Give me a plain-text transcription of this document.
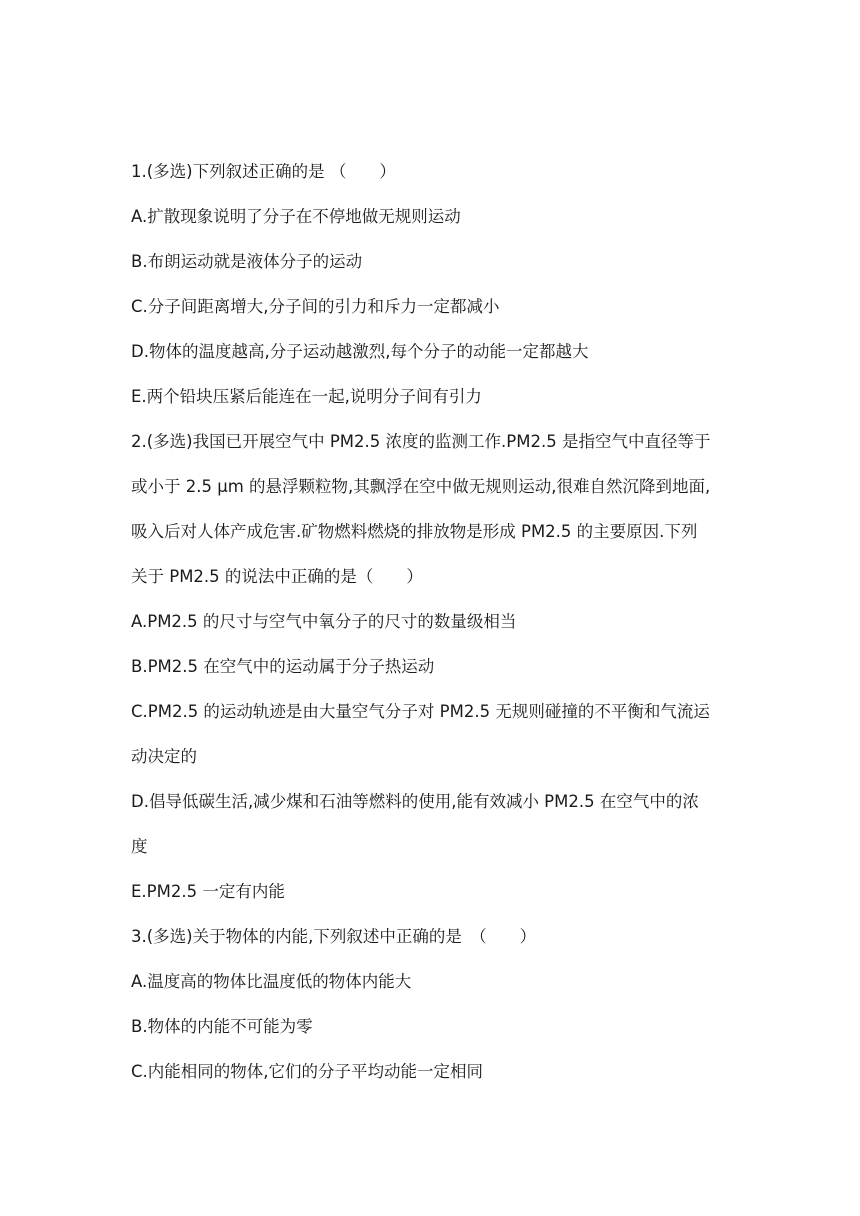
1.(多选)下列叙述正确的是 （　　）
A.扩散现象说明了分子在不停地做无规则运动
B.布朗运动就是液体分子的运动
C.分子间距离增大,分子间的引力和斥力一定都减小
D.物体的温度越高,分子运动越激烈,每个分子的动能一定都越大
E.两个铅块压紧后能连在一起,说明分子间有引力
2.(多选)我国已开展空气中 PM2.5 浓度的监测工作.PM2.5 是指空气中直径等于
或小于 2.5 μm 的悬浮颗粒物,其飘浮在空中做无规则运动,很难自然沉降到地面,
吸入后对人体产成危害.矿物燃料燃烧的排放物是形成 PM2.5 的主要原因.下列
关于 PM2.5 的说法中正确的是（　　）
A.PM2.5 的尺寸与空气中氧分子的尺寸的数量级相当
B.PM2.5 在空气中的运动属于分子热运动
C.PM2.5 的运动轨迹是由大量空气分子对 PM2.5 无规则碰撞的不平衡和气流运
动决定的
D.倡导低碳生活,减少煤和石油等燃料的使用,能有效减小 PM2.5 在空气中的浓
度
E.PM2.5 一定有内能
3.(多选)关于物体的内能,下列叙述中正确的是　（　　）
A.温度高的物体比温度低的物体内能大
B.物体的内能不可能为零
C.内能相同的物体,它们的分子平均动能一定相同
